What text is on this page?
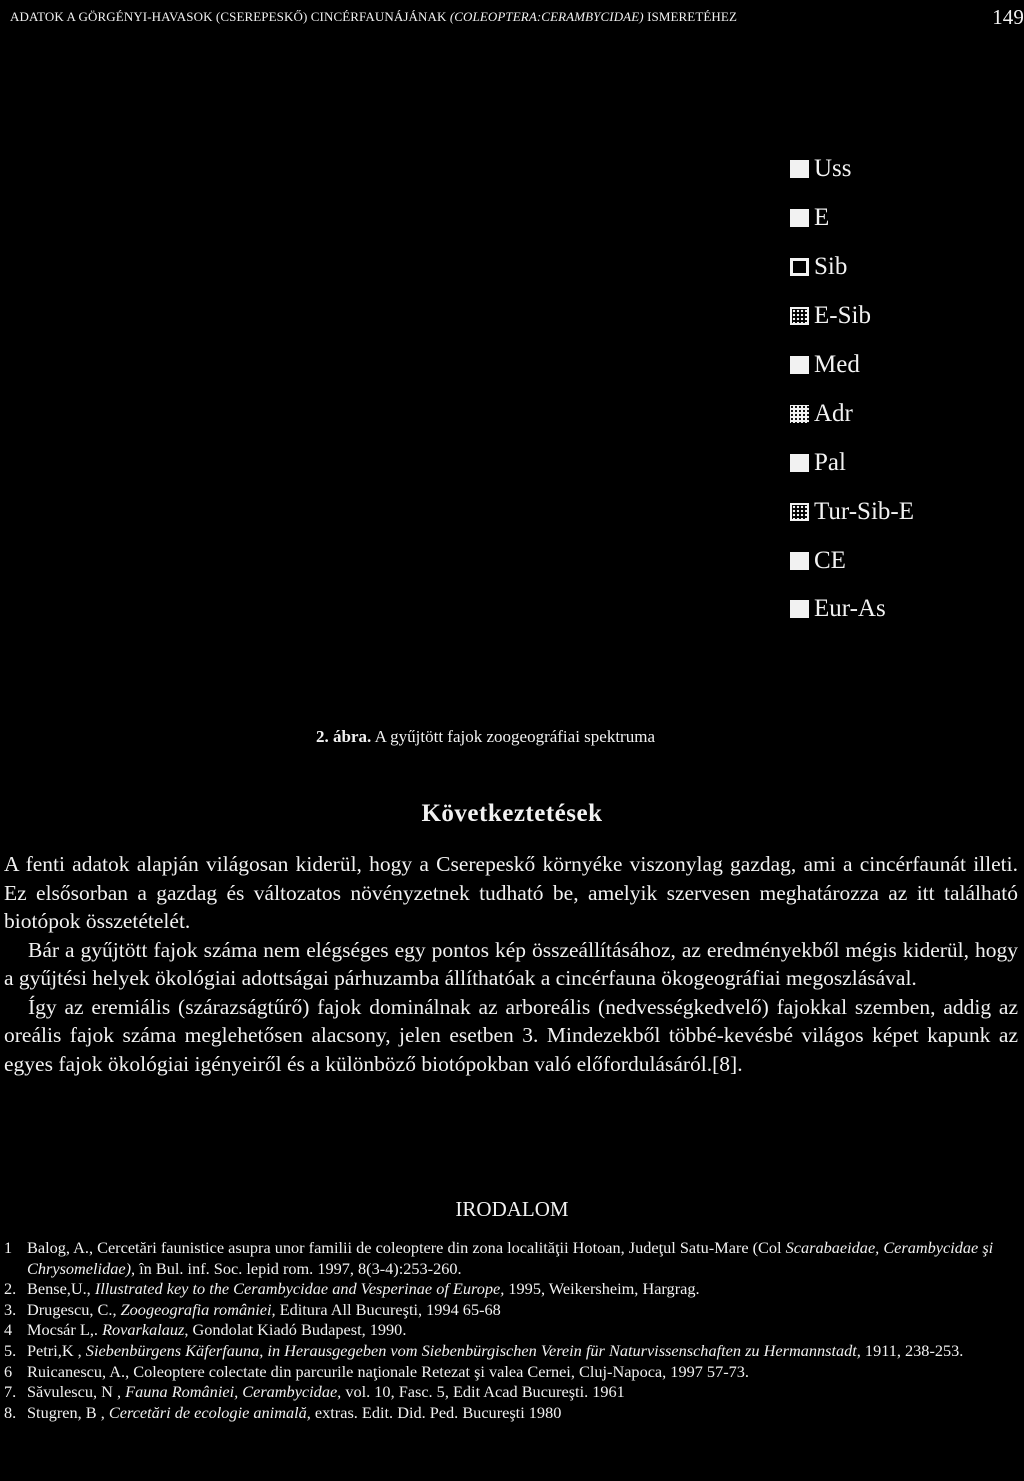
ADATOK A GÖRGÉNYI-HAVASOK (CSEREPESKŐ) CINCÉRFAUNÁJÁNAK (COLEOPTERA:CERAMBYCIDAE) ISMERETÉHEZ	149
Uss
E
Sib
E-Sib
Med
Adr
Pal
Tur-Sib-E
CE
Eur-As
2. ábra. A gyűjtött fajok zoogeográfiai spektruma
Következtetések

A fenti adatok alapján világosan kiderül, hogy a Cserepeskő környéke viszonylag gazdag, ami a cincérfaunát illeti. Ez elsősorban a gazdag és változatos növényzetnek tudható be, amelyik szervesen meghatározza az itt található biotópok összetételét.

Bár a gyűjtött fajok száma nem elégséges egy pontos kép összeállításához, az eredményekből mégis kiderül, hogy a gyűjtési helyek ökológiai adottságai párhuzamba állíthatóak a cincérfauna ökogeográfiai megoszlásával.

Így az eremiális (szárazságtűrő) fajok dominálnak az arboreális (nedvességkedvelő) fajokkal szemben, addig az oreális fajok száma meglehetősen alacsony, jelen esetben 3. Mindezekből többé-kevésbé világos képet kapunk az egyes fajok ökológiai igényeiről és a különböző biotópokban való előfordulásáról.[8].

IRODALOM
1 Balog, A., Cercetări faunistice asupra unor familii de coleoptere din zona localităţii Hotoan, Judeţul Satu-Mare (Col Scarabaeidae, Cerambycidae şi Chrysomelidae), în Bul. inf. Soc. lepid rom. 1997, 8(3-4):253-260.
2. Bense,U., Illustrated key to the Cerambycidae and Vesperinae of Europe, 1995, Weikersheim, Hargrag.
3. Drugescu, C., Zoogeografia româniei, Editura All Bucureşti, 1994 65-68
4 Mocsár L,. Rovarkalauz, Gondolat Kiadó Budapest, 1990.
5. Petri,K , Siebenbürgens Käferfauna, in Herausgegeben vom Siebenbürgischen Verein für Naturvissenschaften zu Hermannstadt, 1911, 238-253.
6 Ruicanescu, A., Coleoptere colectate din parcurile naţionale Retezat şi valea Cernei, Cluj-Napoca, 1997 57-73.
7. Săvulescu, N , Fauna României, Cerambycidae, vol. 10, Fasc. 5, Edit Acad Bucureşti. 1961
8. Stugren, B , Cercetări de ecologie animală, extras. Edit. Did. Ped. Bucureşti 1980
